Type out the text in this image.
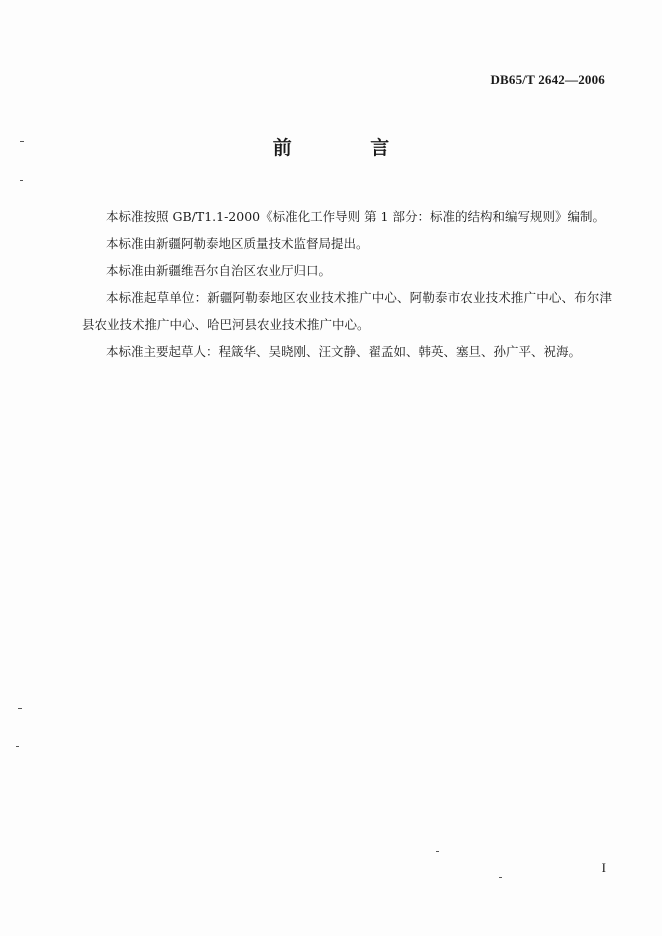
DB65/T 2642—2006
前 言

本标准按照 GB/T1.1-2000《标准化工作导则 第 1 部分：标准的结构和编写规则》编制。

本标准由新疆阿勒泰地区质量技术监督局提出。

本标准由新疆维吾尔自治区农业厅归口。

本标准起草单位：新疆阿勒泰地区农业技术推广中心、阿勒泰市农业技术推广中心、布尔津县农业技术推广中心、哈巴河县农业技术推广中心。

本标准主要起草人：程箴华、吴晓刚、汪文静、翟孟如、韩英、塞旦、孙广平、祝海。

I
